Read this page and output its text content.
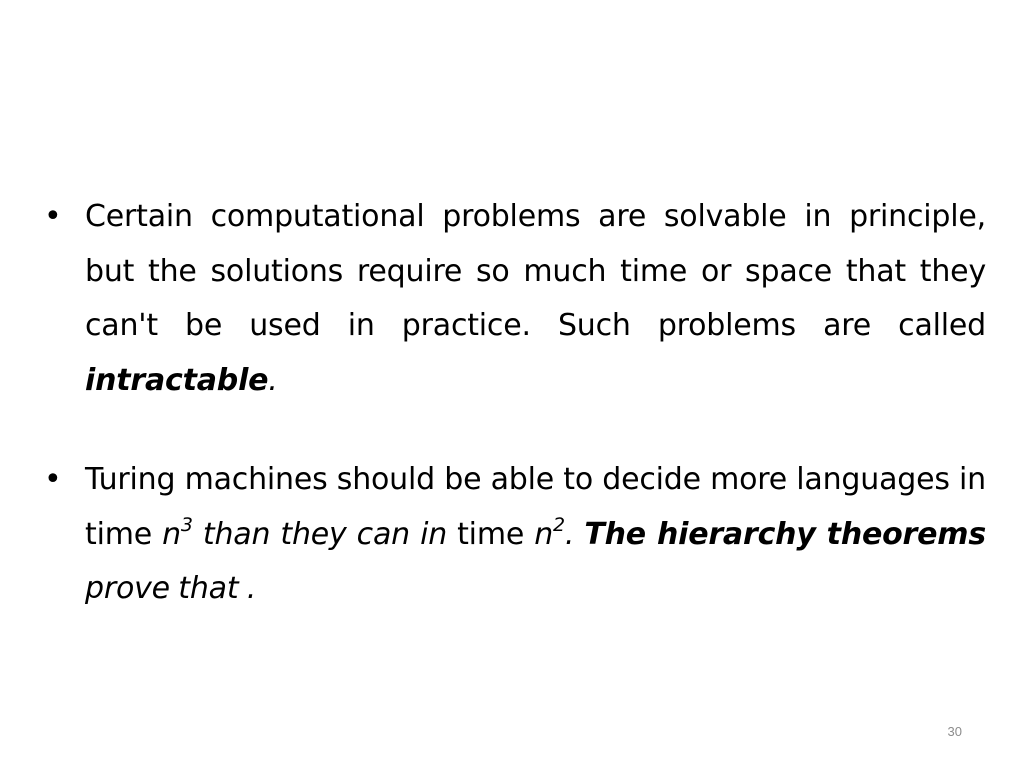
• Certain computational problems are solvable in principle, but the solutions require so much time or space that they can't be used in practice. Such problems are called intractable.
• Turing machines should be able to decide more languages in time $n^3$ than they can in time $n^2$. The hierarchy theorems prove that .
30
